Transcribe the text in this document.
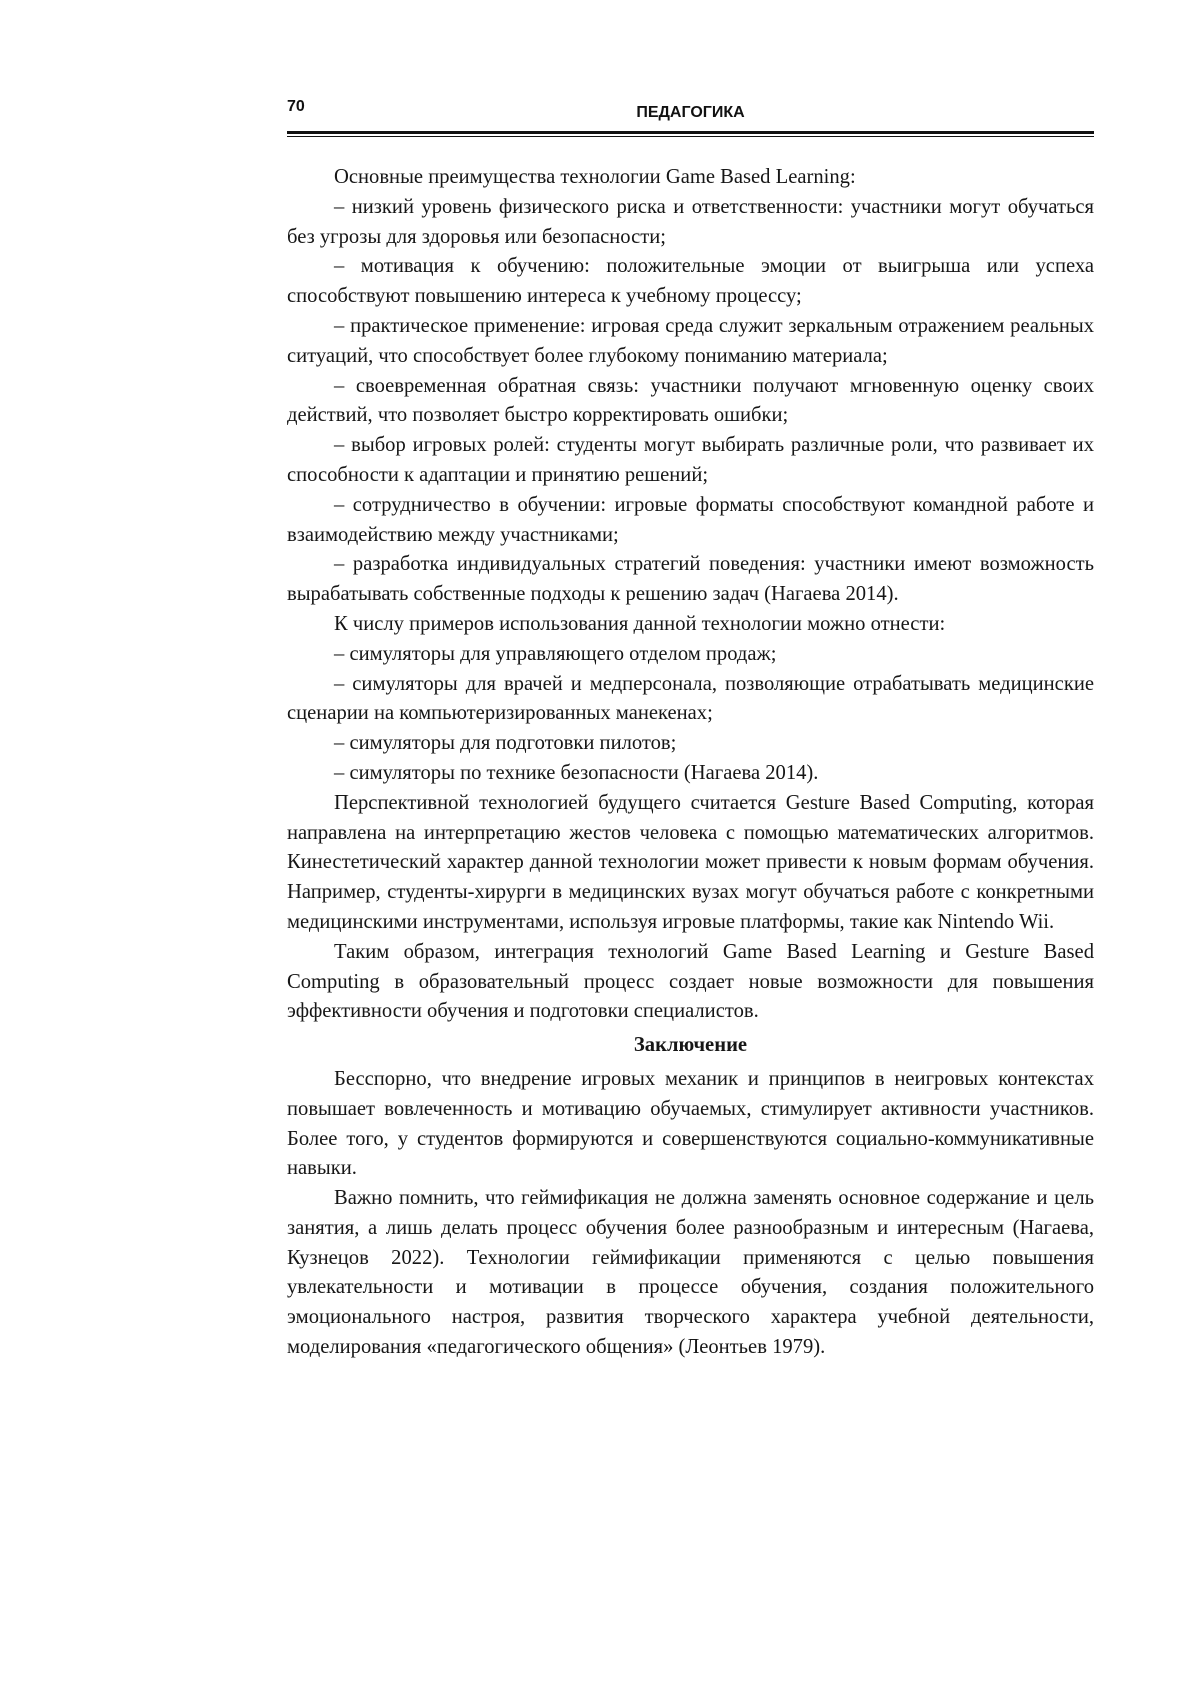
70	ПЕДАГОГИКА

Основные преимущества технологии Game Based Learning:

– низкий уровень физического риска и ответственности: участники могут обучаться без угрозы для здоровья или безопасности;

– мотивация к обучению: положительные эмоции от выигрыша или успеха способствуют повышению интереса к учебному процессу;

– практическое применение: игровая среда служит зеркальным отражением реальных ситуаций, что способствует более глубокому пониманию материала;

– своевременная обратная связь: участники получают мгновенную оценку своих действий, что позволяет быстро корректировать ошибки;

– выбор игровых ролей: студенты могут выбирать различные роли, что развивает их способности к адаптации и принятию решений;

– сотрудничество в обучении: игровые форматы способствуют командной работе и взаимодействию между участниками;

– разработка индивидуальных стратегий поведения: участники имеют возможность вырабатывать собственные подходы к решению задач (Нагаева 2014).

К числу примеров использования данной технологии можно отнести:

– симуляторы для управляющего отделом продаж;

– симуляторы для врачей и медперсонала, позволяющие отрабатывать медицинские сценарии на компьютеризированных манекенах;

– симуляторы для подготовки пилотов;

– симуляторы по технике безопасности (Нагаева 2014).

Перспективной технологией будущего считается Gesture Based Computing, которая направлена на интерпретацию жестов человека с помощью математических алгоритмов. Кинестетический характер данной технологии может привести к новым формам обучения. Например, студенты-хирурги в медицинских вузах могут обучаться работе с конкретными медицинскими инструментами, используя игровые платформы, такие как Nintendo Wii.

Таким образом, интеграция технологий Game Based Learning и Gesture Based Computing в образовательный процесс создает новые возможности для повышения эффективности обучения и подготовки специалистов.

Заключение

Бесспорно, что внедрение игровых механик и принципов в неигровых контекстах повышает вовлеченность и мотивацию обучаемых, стимулирует активности участников. Более того, у студентов формируются и совершенствуются социально-коммуникативные навыки.

Важно помнить, что геймификация не должна заменять основное содержание и цель занятия, а лишь делать процесс обучения более разнообразным и интересным (Нагаева, Кузнецов 2022). Технологии геймификации применяются с целью повышения увлекательности и мотивации в процессе обучения, создания положительного эмоционального настроя, развития творческого характера учебной деятельности, моделирования «педагогического общения» (Леонтьев 1979).
